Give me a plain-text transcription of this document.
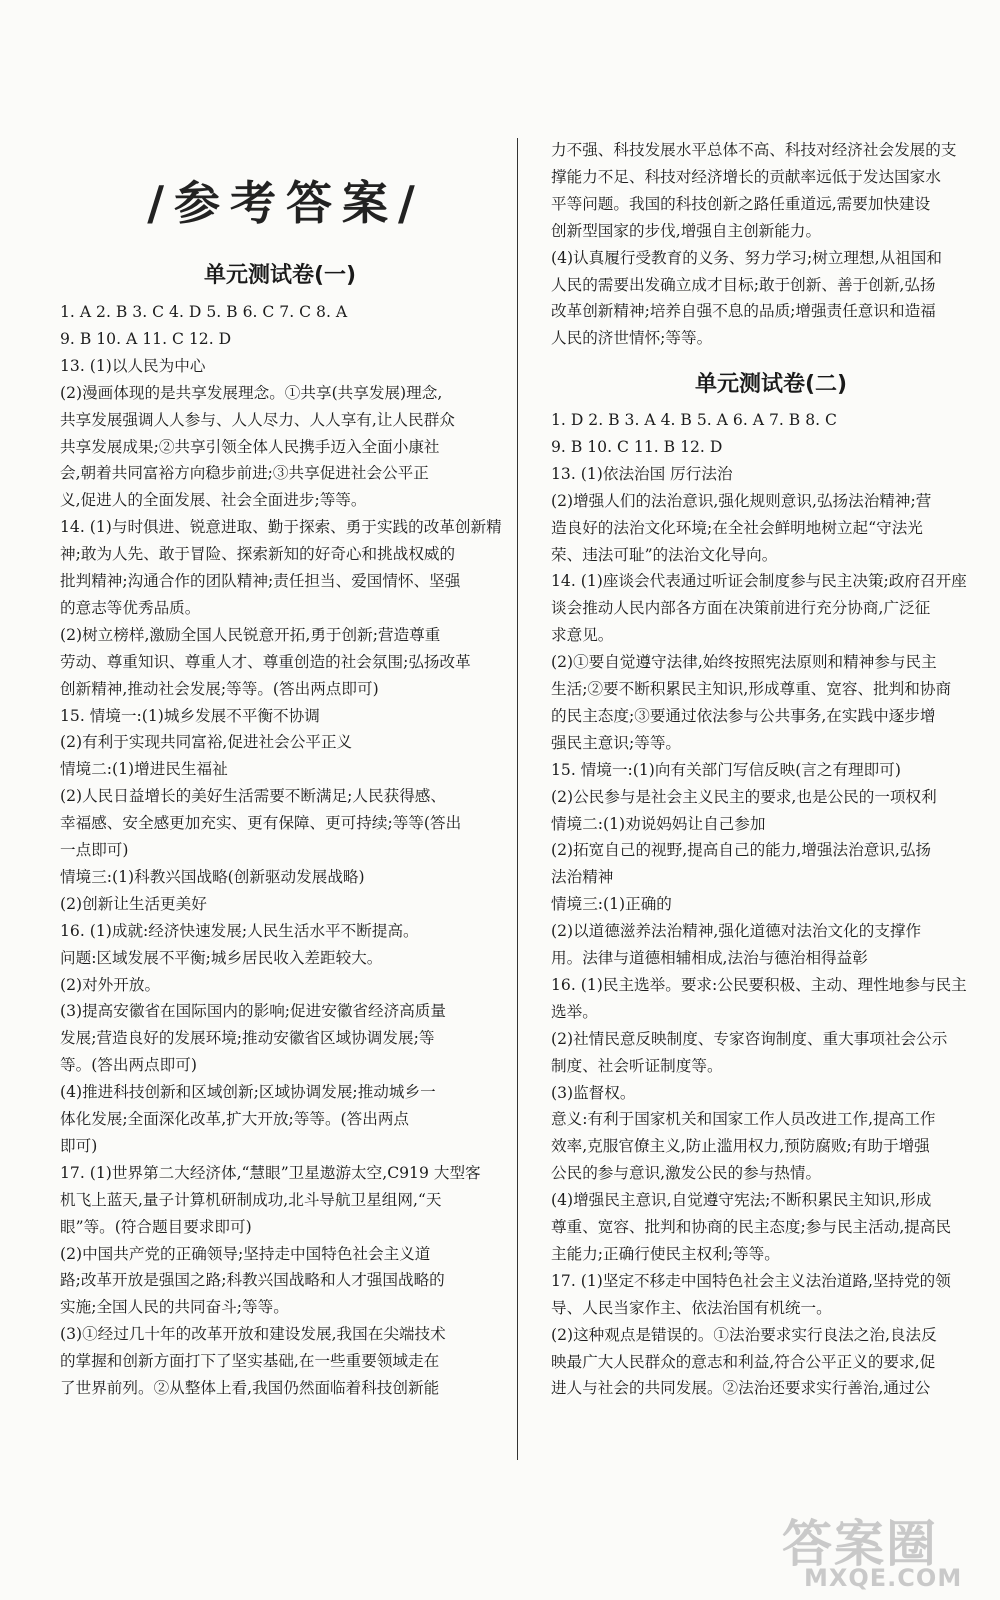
/参考答案/
单元测试卷(一)
1. A 2. B 3. C 4. D 5. B 6. C 7. C 8. A
9. B 10. A 11. C 12. D
13. (1)以人民为中心
(2)漫画体现的是共享发展理念。①共享(共享发展)理念,
共享发展强调人人参与、人人尽力、人人享有,让人民群众
共享发展成果;②共享引领全体人民携手迈入全面小康社
会,朝着共同富裕方向稳步前进;③共享促进社会公平正
义,促进人的全面发展、社会全面进步;等等。
14. (1)与时俱进、锐意进取、勤于探索、勇于实践的改革创新精
神;敢为人先、敢于冒险、探索新知的好奇心和挑战权威的
批判精神;沟通合作的团队精神;责任担当、爱国情怀、坚强
的意志等优秀品质。
(2)树立榜样,激励全国人民锐意开拓,勇于创新;营造尊重
劳动、尊重知识、尊重人才、尊重创造的社会氛围;弘扬改革
创新精神,推动社会发展;等等。(答出两点即可)
15. 情境一:(1)城乡发展不平衡不协调
(2)有利于实现共同富裕,促进社会公平正义
情境二:(1)增进民生福祉
(2)人民日益增长的美好生活需要不断满足;人民获得感、
幸福感、安全感更加充实、更有保障、更可持续;等等(答出
一点即可)
情境三:(1)科教兴国战略(创新驱动发展战略)
(2)创新让生活更美好
16. (1)成就:经济快速发展;人民生活水平不断提高。
问题:区域发展不平衡;城乡居民收入差距较大。
(2)对外开放。
(3)提高安徽省在国际国内的影响;促进安徽省经济高质量
发展;营造良好的发展环境;推动安徽省区域协调发展;等
等。(答出两点即可)
(4)推进科技创新和区域创新;区域协调发展;推动城乡一
体化发展;全面深化改革,扩大开放;等等。(答出两点
即可)
17. (1)世界第二大经济体,“慧眼”卫星遨游太空,C919 大型客
机飞上蓝天,量子计算机研制成功,北斗导航卫星组网,“天
眼”等。(符合题目要求即可)
(2)中国共产党的正确领导;坚持走中国特色社会主义道
路;改革开放是强国之路;科教兴国战略和人才强国战略的
实施;全国人民的共同奋斗;等等。
(3)①经过几十年的改革开放和建设发展,我国在尖端技术
的掌握和创新方面打下了坚实基础,在一些重要领域走在
了世界前列。②从整体上看,我国仍然面临着科技创新能
力不强、科技发展水平总体不高、科技对经济社会发展的支
撑能力不足、科技对经济增长的贡献率远低于发达国家水
平等问题。我国的科技创新之路任重道远,需要加快建设
创新型国家的步伐,增强自主创新能力。
(4)认真履行受教育的义务、努力学习;树立理想,从祖国和
人民的需要出发确立成才目标;敢于创新、善于创新,弘扬
改革创新精神;培养自强不息的品质;增强责任意识和造福
人民的济世情怀;等等。
单元测试卷(二)
1. D 2. B 3. A 4. B 5. A 6. A 7. B 8. C
9. B 10. C 11. B 12. D
13. (1)依法治国 厉行法治
(2)增强人们的法治意识,强化规则意识,弘扬法治精神;营
造良好的法治文化环境;在全社会鲜明地树立起“守法光
荣、违法可耻”的法治文化导向。
14. (1)座谈会代表通过听证会制度参与民主决策;政府召开座
谈会推动人民内部各方面在决策前进行充分协商,广泛征
求意见。
(2)①要自觉遵守法律,始终按照宪法原则和精神参与民主
生活;②要不断积累民主知识,形成尊重、宽容、批判和协商
的民主态度;③要通过依法参与公共事务,在实践中逐步增
强民主意识;等等。
15. 情境一:(1)向有关部门写信反映(言之有理即可)
(2)公民参与是社会主义民主的要求,也是公民的一项权利
情境二:(1)劝说妈妈让自己参加
(2)拓宽自己的视野,提高自己的能力,增强法治意识,弘扬
法治精神
情境三:(1)正确的
(2)以道德滋养法治精神,强化道德对法治文化的支撑作
用。法律与道德相辅相成,法治与德治相得益彰
16. (1)民主选举。要求:公民要积极、主动、理性地参与民主
选举。
(2)社情民意反映制度、专家咨询制度、重大事项社会公示
制度、社会听证制度等。
(3)监督权。
意义:有利于国家机关和国家工作人员改进工作,提高工作
效率,克服官僚主义,防止滥用权力,预防腐败;有助于增强
公民的参与意识,激发公民的参与热情。
(4)增强民主意识,自觉遵守宪法;不断积累民主知识,形成
尊重、宽容、批判和协商的民主态度;参与民主活动,提高民
主能力;正确行使民主权利;等等。
17. (1)坚定不移走中国特色社会主义法治道路,坚持党的领
导、人民当家作主、依法治国有机统一。
(2)这种观点是错误的。①法治要求实行良法之治,良法反
映最广大人民群众的意志和利益,符合公平正义的要求,促
进人与社会的共同发展。②法治还要求实行善治,通过公
答案圈
MXQE.COM
